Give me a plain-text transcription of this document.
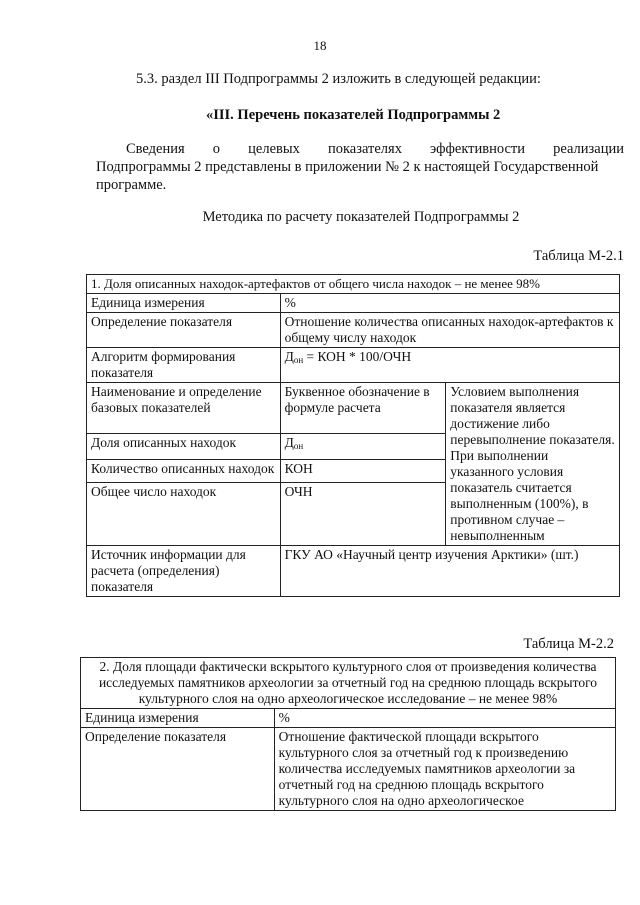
18
5.3. раздел III Подпрограммы 2 изложить в следующей редакции:
«III. Перечень показателей Подпрограммы 2
Сведения о целевых показателях эффективности реализации
Подпрограммы 2 представлены в приложении № 2 к настоящей Государственной
программе.
Методика по расчету показателей Подпрограммы 2
Таблица М-2.1
1. Доля описанных находок-артефактов от общего числа находок – не менее 98%		
Единица измерения	%	
Определение показателя	Отношение количества описанных находок-артефактов к общему числу находок	
Алгоритм формирования показателя	$Д_{он}$ = КОН * 100/ОЧН	
Наименование и определение базовых показателей	Буквенное обозначение в формуле расчета	Условием выполнения показателя является достижение либо перевыполнение показателя. При выполнении указанного условия показатель считается выполненным (100%), в противном случае – невыполненным
Доля описанных находок	$Д_{он}$
Количество описанных находок	КОН	
Общее число находок	ОЧН	
Источник информации для расчета (определения) показателя	ГКУ АО «Научный центр изучения Арктики» (шт.)	
Таблица М-2.2
2. Доля площади фактически вскрытого культурного слоя от произведения количества исследуемых памятников археологии за отчетный год на среднюю площадь вскрытого культурного слоя на одно археологическое исследование – не менее 98%	
Единица измерения	%
Определение показателя	Отношение фактической площади вскрытого культурного слоя за отчетный год к произведению количества исследуемых памятников археологии за отчетный год на среднюю площадь вскрытого культурного слоя на одно археологическое
